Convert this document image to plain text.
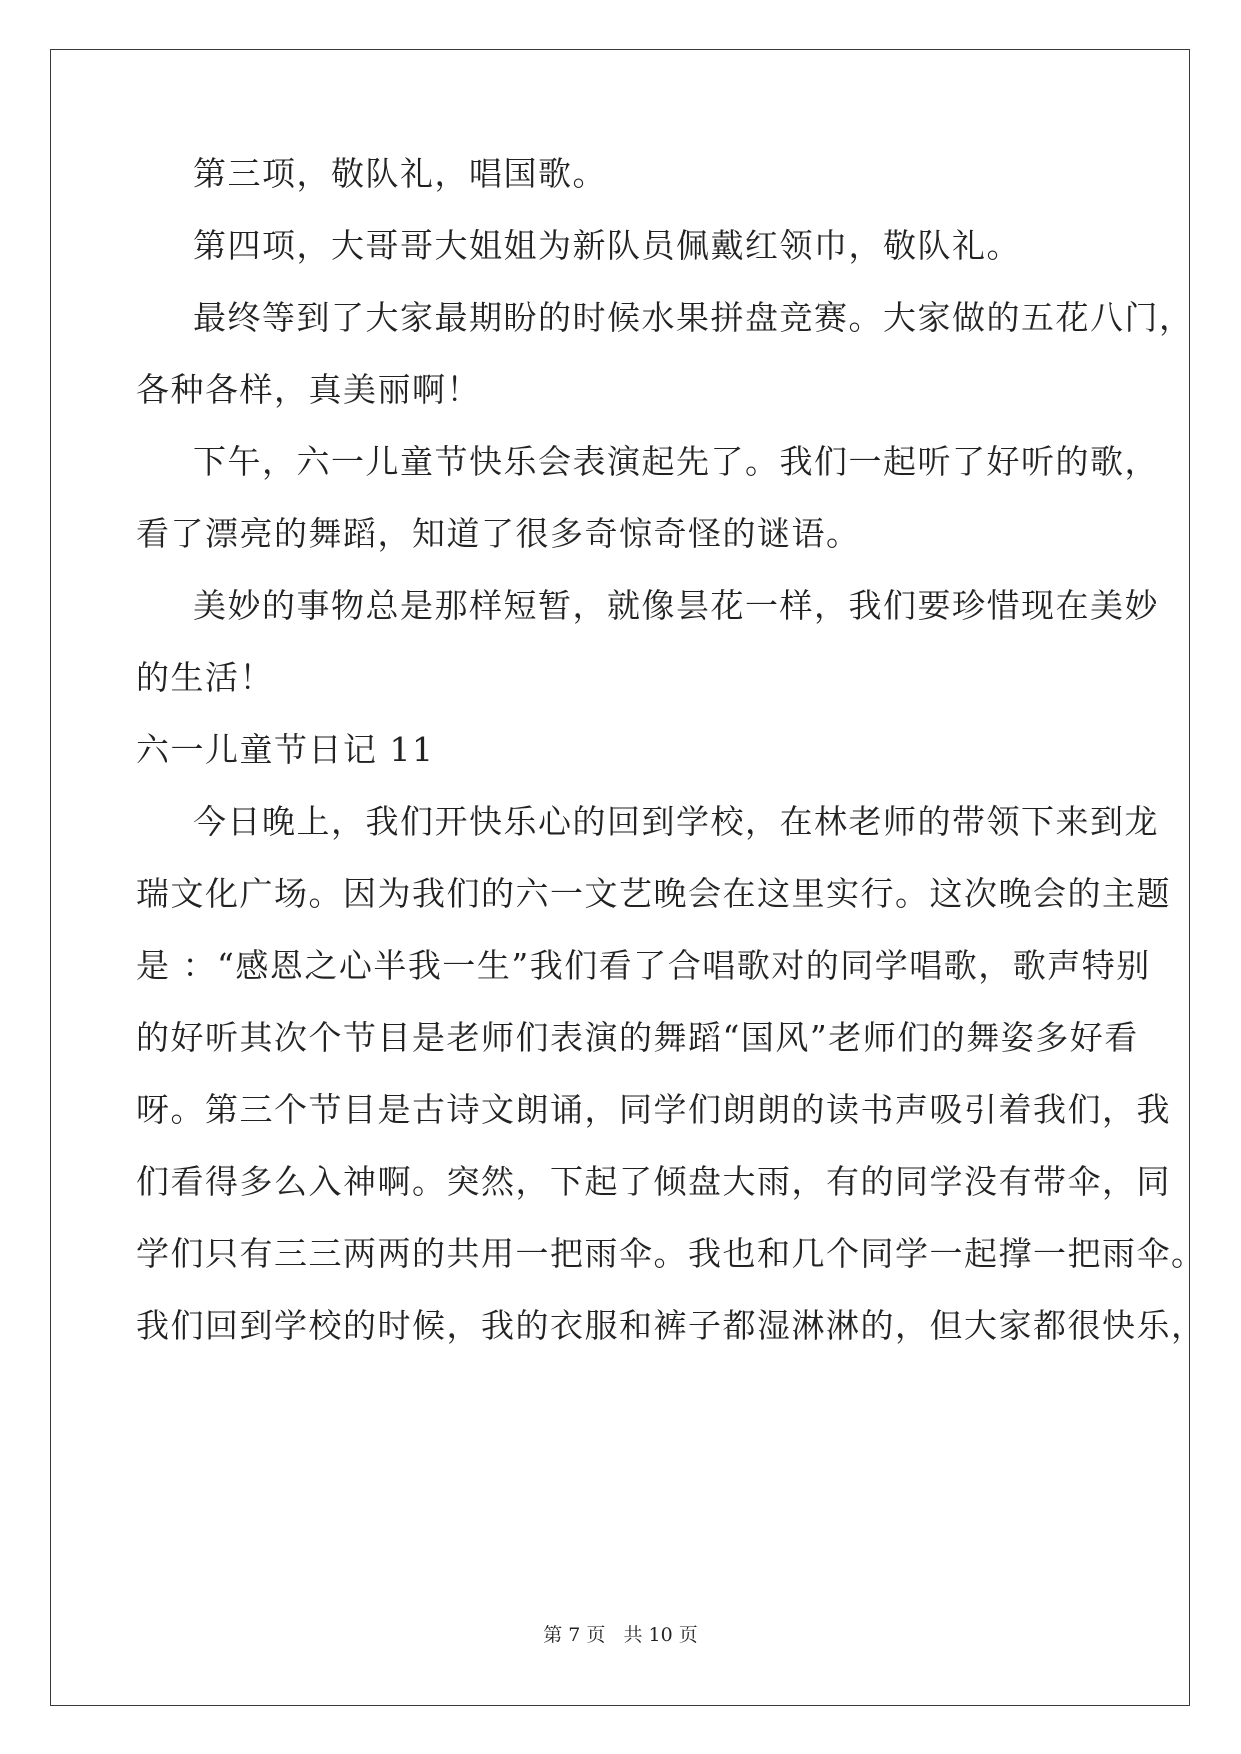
第三项，敬队礼，唱国歌。

第四项，大哥哥大姐姐为新队员佩戴红领巾，敬队礼。

最终等到了大家最期盼的时候水果拼盘竞赛。大家做的五花八门，

各种各样，真美丽啊！

下午，六一儿童节快乐会表演起先了。我们一起听了好听的歌，

看了漂亮的舞蹈，知道了很多奇惊奇怪的谜语。

美妙的事物总是那样短暂，就像昙花一样，我们要珍惜现在美妙

的生活！

六一儿童节日记 11

今日晚上，我们开快乐心的回到学校，在林老师的带领下来到龙

瑞文化广场。因为我们的六一文艺晚会在这里实行。这次晚会的主题

是 ：“感恩之心半我一生”我们看了合唱歌对的同学唱歌，歌声特别

的好听其次个节目是老师们表演的舞蹈“国风”老师们的舞姿多好看

呀。第三个节目是古诗文朗诵，同学们朗朗的读书声吸引着我们，我

们看得多么入神啊。突然，下起了倾盘大雨，有的同学没有带伞，同

学们只有三三两两的共用一把雨伞。我也和几个同学一起撑一把雨伞。

我们回到学校的时候，我的衣服和裤子都湿淋淋的，但大家都很快乐，

第 7 页 共 10 页
